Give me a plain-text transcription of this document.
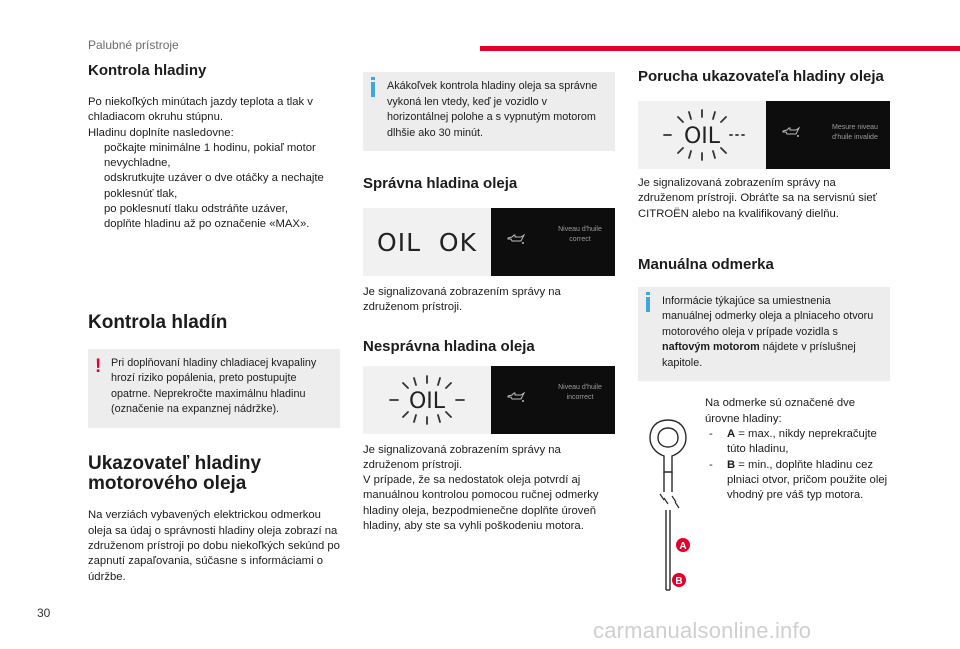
Palubné prístroje
Kontrola hladiny

Po niekoľkých minútach jazdy teplota a tlak v chladiacom okruhu stúpnu.

Hladinu doplníte nasledovne:

počkajte minimálne 1 hodinu, pokiaľ motor nevychladne,
odskrutkujte uzáver o dve otáčky a nechajte poklesnúť tlak,
po poklesnutí tlaku odstráňte uzáver,
doplňte hladinu až po označenie «MAX».
Kontrola hladín
! Pri doplňovaní hladiny chladiacej kvapaliny hrozí riziko popálenia, preto postupujte opatrne. Neprekročte maximálnu hladinu (označenie na expanznej nádržke).
Ukazovateľ hladiny
motorového oleja

Na verziách vybavených elektrickou odmerkou oleja sa údaj o správnosti hladiny oleja zobrazí na združenom prístroji po dobu niekoľkých sekúnd po zapnutí zapaľovania, súčasne s informáciami o údržbe.

Akákoľvek kontrola hladiny oleja sa správne vykoná len vtedy, keď je vozidlo v horizontálnej polohe a s vypnutým motorom dlhšie ako 30 minút.
Správna hladina oleja
OIL  OK	Niveau d'huile
correct

Je signalizovaná zobrazením správy na združenom prístroji.

Nesprávna hladina oleja
OIL
Niveau d'huile
incorrect

Je signalizovaná zobrazením správy na združenom prístroji.

V prípade, že sa nedostatok oleja potvrdí aj manuálnou kontrolou pomocou ručnej odmerky hladiny oleja, bezpodmienečne doplňte úroveň hladiny, aby ste sa vyhli poškodeniu motora.

Porucha ukazovateľa hladiny oleja
OIL	Mesure niveau
d'huile invalide

Je signalizovaná zobrazením správy na združenom prístroji. Obráťte sa na servisnú sieť CITROËN alebo na kvalifikovaný dielňu.

Manuálna odmerka
Informácie týkajúce sa umiestnenia manuálnej odmerky oleja a plniaceho otvoru motorového oleja v prípade vozidla s naftovým motorom nájdete v príslušnej kapitole.

Na odmerke sú označené dve úrovne hladiny:

-	A = max., nikdy neprekračujte túto hladinu,
-	B = min., doplňte hladinu cez plniaci otvor, pričom použite olej vhodný pre váš typ motora.
A
B
30
carmanualsonline.info
